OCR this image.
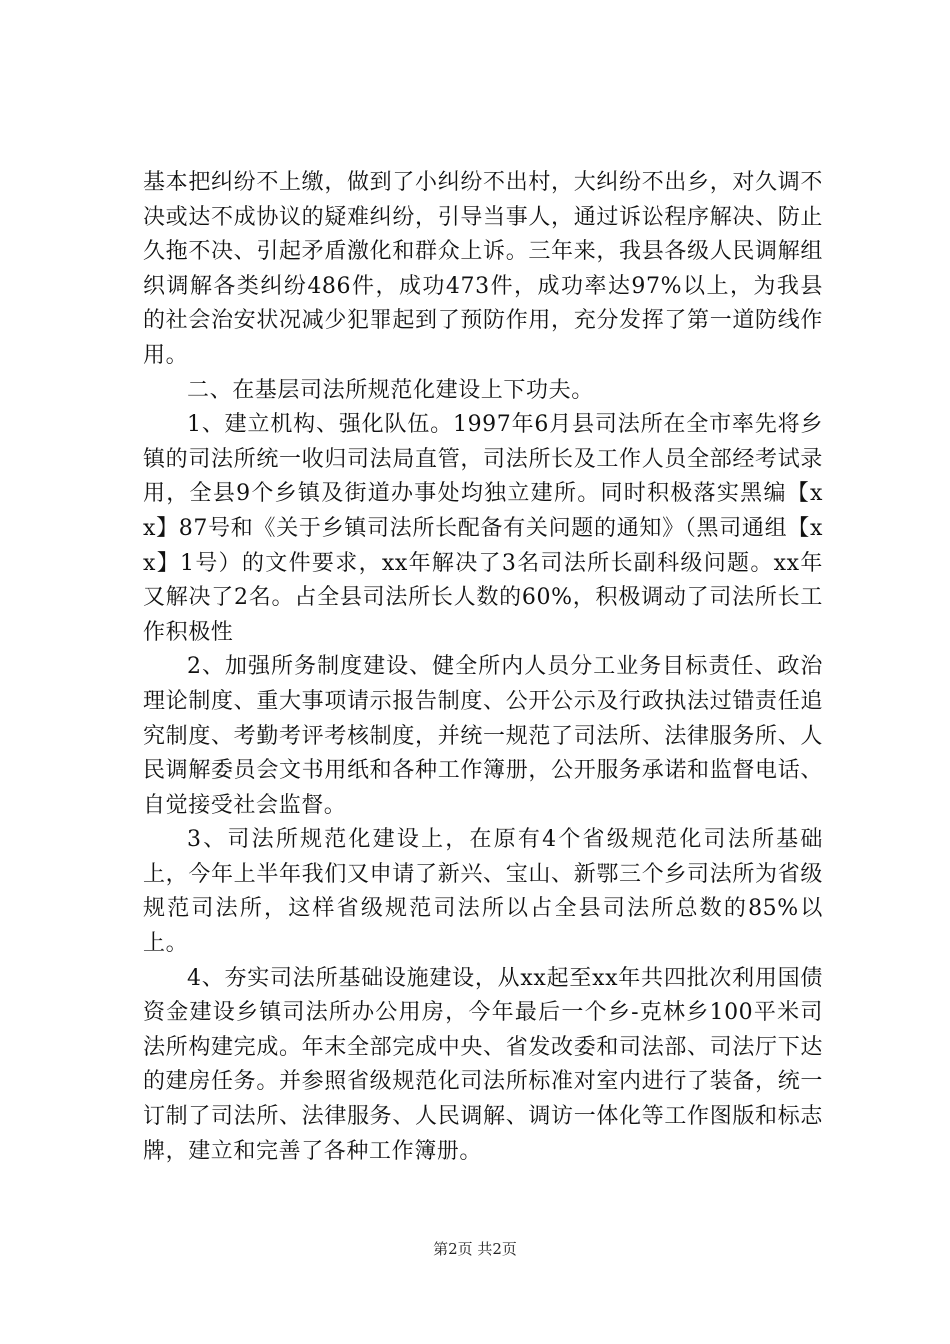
基本把纠纷不上缴，做到了小纠纷不出村，大纠纷不出乡，对久调不决或达不成协议的疑难纠纷，引导当事人，通过诉讼程序解决、防止久拖不决、引起矛盾激化和群众上诉。三年来，我县各级人民调解组织调解各类纠纷486件，成功473件，成功率达97%以上，为我县的社会治安状况减少犯罪起到了预防作用，充分发挥了第一道防线作用。

二、在基层司法所规范化建设上下功夫。

1、建立机构、强化队伍。1997年6月县司法所在全市率先将乡镇的司法所统一收归司法局直管，司法所长及工作人员全部经考试录用，全县9个乡镇及街道办事处均独立建所。同时积极落实黑编【xx】87号和《关于乡镇司法所长配备有关问题的通知》（黑司通组【xx】1号）的文件要求，xx年解决了3名司法所长副科级问题。xx年又解决了2名。占全县司法所长人数的60%，积极调动了司法所长工作积极性

2、加强所务制度建设、健全所内人员分工业务目标责任、政治理论制度、重大事项请示报告制度、公开公示及行政执法过错责任追究制度、考勤考评考核制度，并统一规范了司法所、法律服务所、人民调解委员会文书用纸和各种工作簿册，公开服务承诺和监督电话、自觉接受社会监督。

3、司法所规范化建设上，在原有4个省级规范化司法所基础上，今年上半年我们又申请了新兴、宝山、新鄂三个乡司法所为省级规范司法所，这样省级规范司法所以占全县司法所总数的85%以上。

4、夯实司法所基础设施建设，从xx起至xx年共四批次利用国债资金建设乡镇司法所办公用房，今年最后一个乡-克林乡100平米司法所构建完成。年末全部完成中央、省发改委和司法部、司法厅下达的建房任务。并参照省级规范化司法所标准对室内进行了装备，统一订制了司法所、法律服务、人民调解、调访一体化等工作图版和标志牌，建立和完善了各种工作簿册。

第2页 共2页
